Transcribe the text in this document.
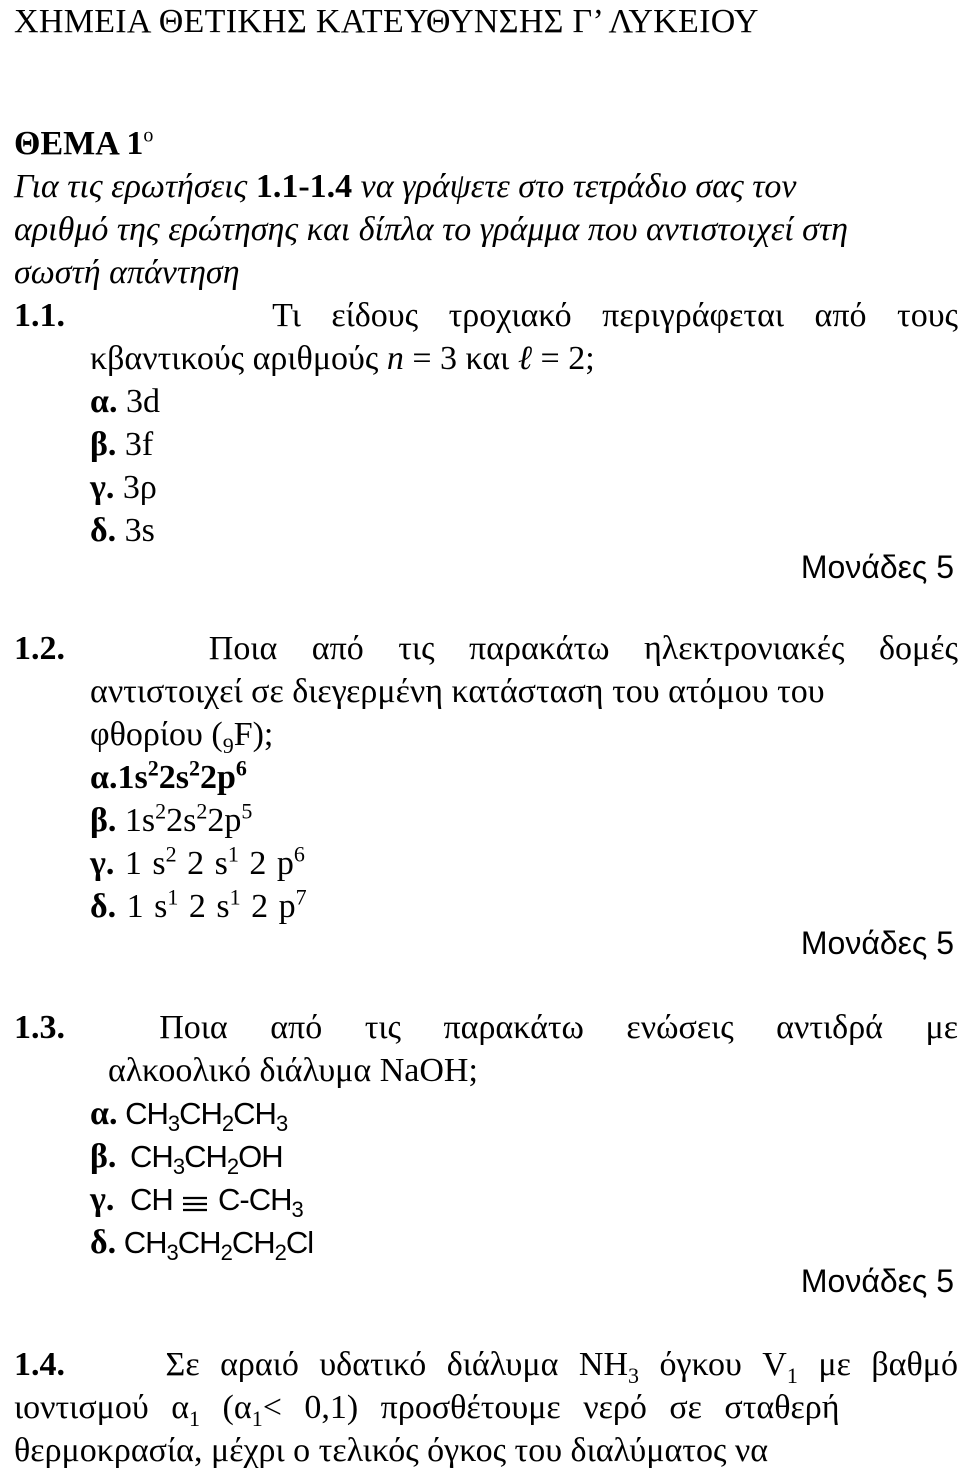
ΧΗΜΕΙΑ ΘΕΤΙΚΗΣ ΚΑΤΕΥΘΥΝΣΗΣ Γ’ ΛΥΚΕΙΟΥ
ΘΕΜΑ $1^o$
Για τις ερωτήσεις 1.1-1.4 να γράψετε στο τετράδιο σας τον
αριθμό της ερώτησης και δίπλα το γράμμα που αντιστοιχεί στη
σωστή απάντηση
1.1.	Τι είδους τροχιακό περιγράφεται από τους
κβαντικούς αριθμούς n = 3 και ℓ = 2;
α. 3d
β. 3f
γ. 3ρ
δ. 3s
Μονάδες 5
1.2.	Ποια από τις παρακάτω ηλεκτρονιακές δομές
αντιστοιχεί σε διεγερμένη κατάσταση του ατόμου του
φθορίου $(_9F)$;
$\alpha.1s^22s^22p^6$
β. $1s^22s^22p^5$
γ. 1 $s^2$ 2 $s^1$ 2 $p^6$
δ. 1 $s^1$ 2 $s^1$ 2 $p^7$
Μονάδες 5
1.3.	Ποια από τις παρακάτω ενώσεις αντιδρά με
αλκοολικό διάλυμα NaOH;
α. $CH_3CH_2CH_3$
β. $CH_3CH_2OH$
γ. CH  $C-CH_3$
δ. $CH_3CH_2CH_2Cl$
Μονάδες 5
1.4.	Σε αραιό υδατικό διάλυμα $NH_3$ όγκου $V_1$ με βαθμό
ιοντισμού $\alpha_1$ $(\alpha_1< 0,1)$ προσθέτουμε νερό σε σταθερή
θερμοκρασία, μέχρι ο τελικός όγκος του διαλύματος να
